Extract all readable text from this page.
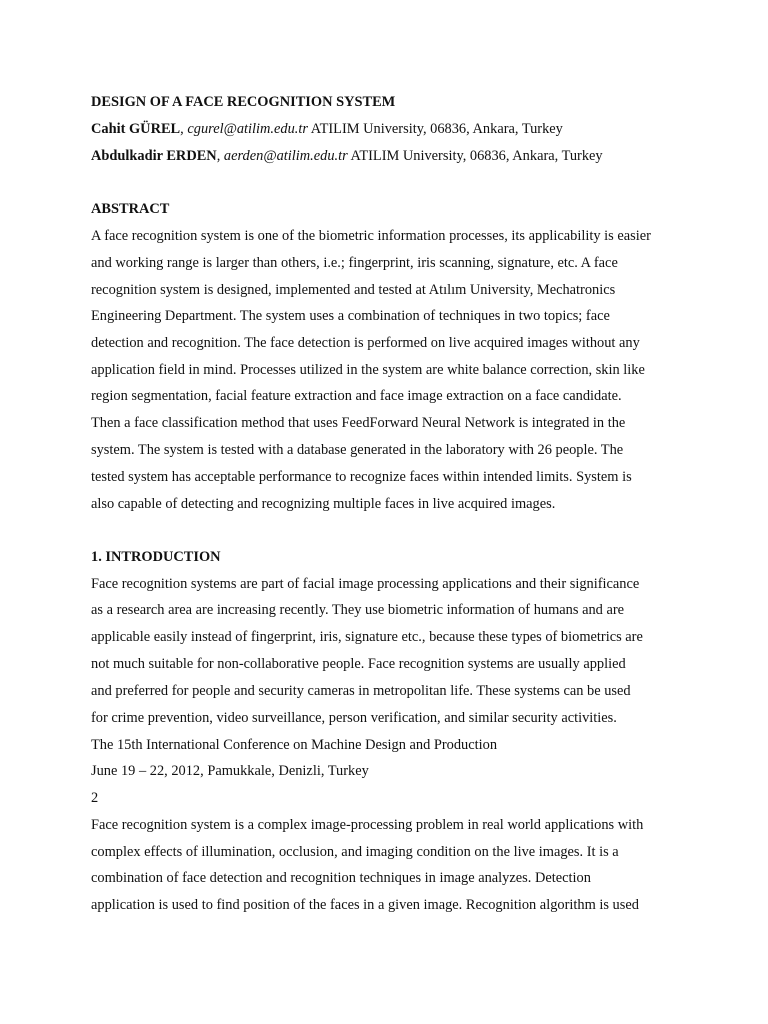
DESIGN OF A FACE RECOGNITION SYSTEM
Cahit GÜREL, cgurel@atilim.edu.tr ATILIM University, 06836, Ankara, Turkey
Abdulkadir ERDEN, aerden@atilim.edu.tr ATILIM University, 06836, Ankara, Turkey
ABSTRACT
A face recognition system is one of the biometric information processes, its applicability is easier
and working range is larger than others, i.e.; fingerprint, iris scanning, signature, etc. A face
recognition system is designed, implemented and tested at Atılım University, Mechatronics
Engineering Department. The system uses a combination of techniques in two topics; face
detection and recognition. The face detection is performed on live acquired images without any
application field in mind. Processes utilized in the system are white balance correction, skin like
region segmentation, facial feature extraction and face image extraction on a face candidate.
Then a face classification method that uses FeedForward Neural Network is integrated in the
system. The system is tested with a database generated in the laboratory with 26 people. The
tested system has acceptable performance to recognize faces within intended limits. System is
also capable of detecting and recognizing multiple faces in live acquired images.
1. INTRODUCTION
Face recognition systems are part of facial image processing applications and their significance
as a research area are increasing recently. They use biometric information of humans and are
applicable easily instead of fingerprint, iris, signature etc., because these types of biometrics are
not much suitable for non-collaborative people. Face recognition systems are usually applied
and preferred for people and security cameras in metropolitan life. These systems can be used
for crime prevention, video surveillance, person verification, and similar security activities.
The 15th International Conference on Machine Design and Production
June 19 – 22, 2012, Pamukkale, Denizli, Turkey
2
Face recognition system is a complex image-processing problem in real world applications with
complex effects of illumination, occlusion, and imaging condition on the live images. It is a
combination of face detection and recognition techniques in image analyzes. Detection
application is used to find position of the faces in a given image. Recognition algorithm is used
